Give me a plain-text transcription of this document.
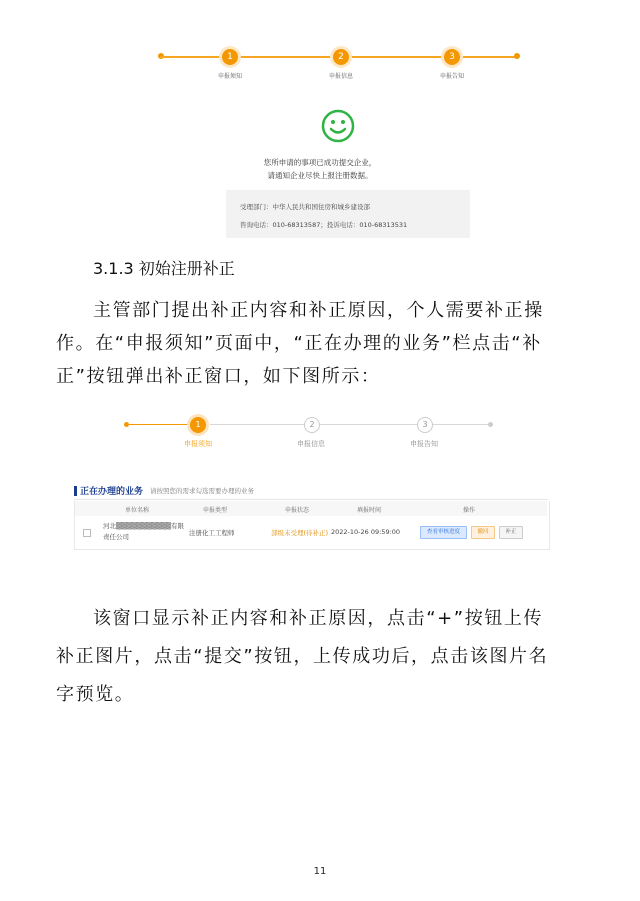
1	2	3
申报须知	申报信息	申报告知
您所申请的事项已成功提交企业，
请通知企业尽快上报注册数据。
受理部门：中华人民共和国住房和城乡建设部
咨询电话：010-68313587；投诉电话：010-68313531
3.1.3 初始注册补正
主管部门提出补正内容和补正原因，个人需要补正操
作。在“申报须知”页面中，“正在办理的业务”栏点击“补
正”按钮弹出补正窗口，如下图所示：
1	2	3
申报须知	申报信息	申报告知
正在办理的业务 请按照您的需求勾选需要办理的业务
单位名称	申报类型	申报状态	填报时间	操作
河北▒▒▒▒▒▒▒▒▒▒▒有限
责任公司	注册化工工程师	部级未受理(待补正) 2022-10-26 09:59:00	查看审核进度	撤回	补正
该窗口显示补正内容和补正原因，点击“+”按钮上传
补正图片，点击“提交”按钮，上传成功后，点击该图片名
字预览。
11
